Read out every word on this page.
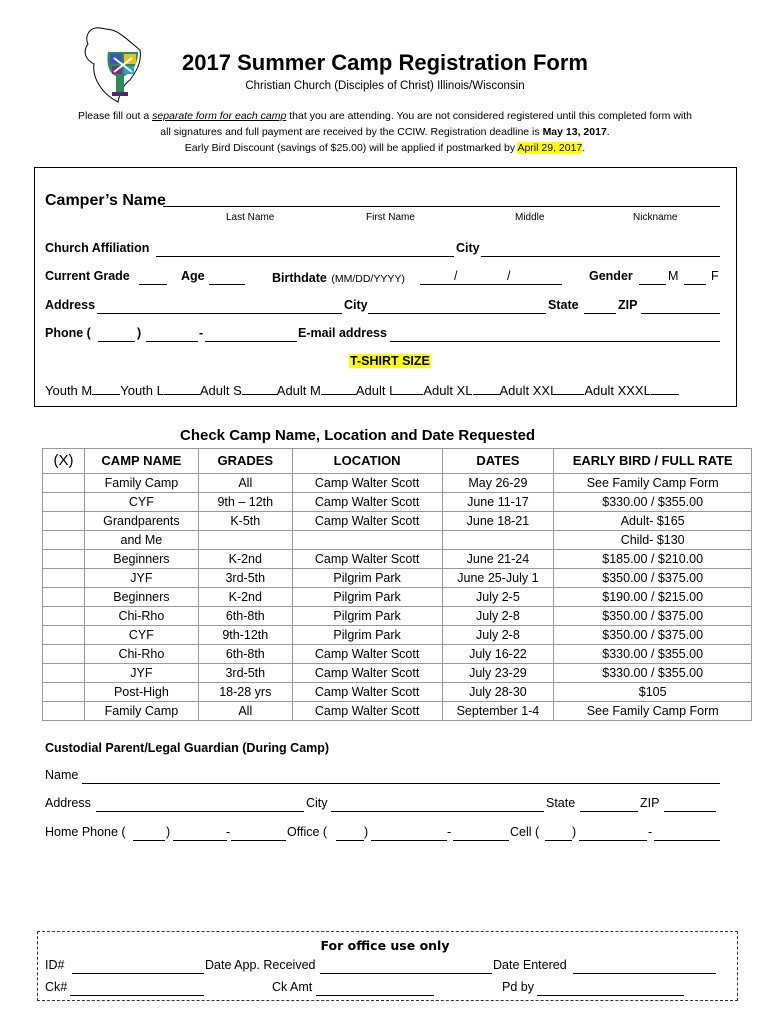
2017 Summer Camp Registration Form
Christian Church (Disciples of Christ) Illinois/Wisconsin
Please fill out a separate form for each camp that you are attending. You are not considered registered until this completed form with
all signatures and full payment are received by the CCIW. Registration deadline is May 13, 2017.
Early Bird Discount (savings of $25.00) will be applied if postmarked by April 29, 2017.
Camper’s Name
Last Name	First Name	Middle	Nickname
Church Affiliation	City
Current Grade	Age	Birthdate (MM/DD/YYYY)	/	/	Gender	M	F
Address	City	State	ZIP
Phone (	)	-	E-mail address
T-SHIRT SIZE
Youth M Youth L	Adult S	Adult M	Adult L Adult XL Adult XXL Adult XXXL
Check Camp Name, Location and Date Requested
(X)	CAMP NAME	GRADES	LOCATION	DATES	EARLY BIRD / FULL RATE
	Family Camp	All	Camp Walter Scott	May 26-29	See Family Camp Form
	CYF	9th – 12th	Camp Walter Scott	June 11-17	$330.00 / $355.00
	Grandparents	K-5th	Camp Walter Scott	June 18-21	Adult- $165
	and Me				Child- $130
	Beginners	K-2nd	Camp Walter Scott	June 21-24	$185.00 / $210.00
	JYF	3rd-5th	Pilgrim Park	June 25-July 1	$350.00 / $375.00
	Beginners	K-2nd	Pilgrim Park	July 2-5	$190.00 / $215.00
	Chi-Rho	6th-8th	Pilgrim Park	July 2-8	$350.00 / $375.00
	CYF	9th-12th	Pilgrim Park	July 2-8	$350.00 / $375.00
	Chi-Rho	6th-8th	Camp Walter Scott	July 16-22	$330.00 / $355.00
	JYF	3rd-5th	Camp Walter Scott	July 23-29	$330.00 / $355.00
	Post-High	18-28 yrs	Camp Walter Scott	July 28-30	$105
	Family Camp	All	Camp Walter Scott	September 1-4	See Family Camp Form
Custodial Parent/Legal Guardian (During Camp)
Name
Address	City	State	ZIP
Home Phone (	)	-	Office (	)	-	Cell (	)	-
For office use only
ID#	Date App. Received	Date Entered
Ck#	Ck Amt	Pd by
